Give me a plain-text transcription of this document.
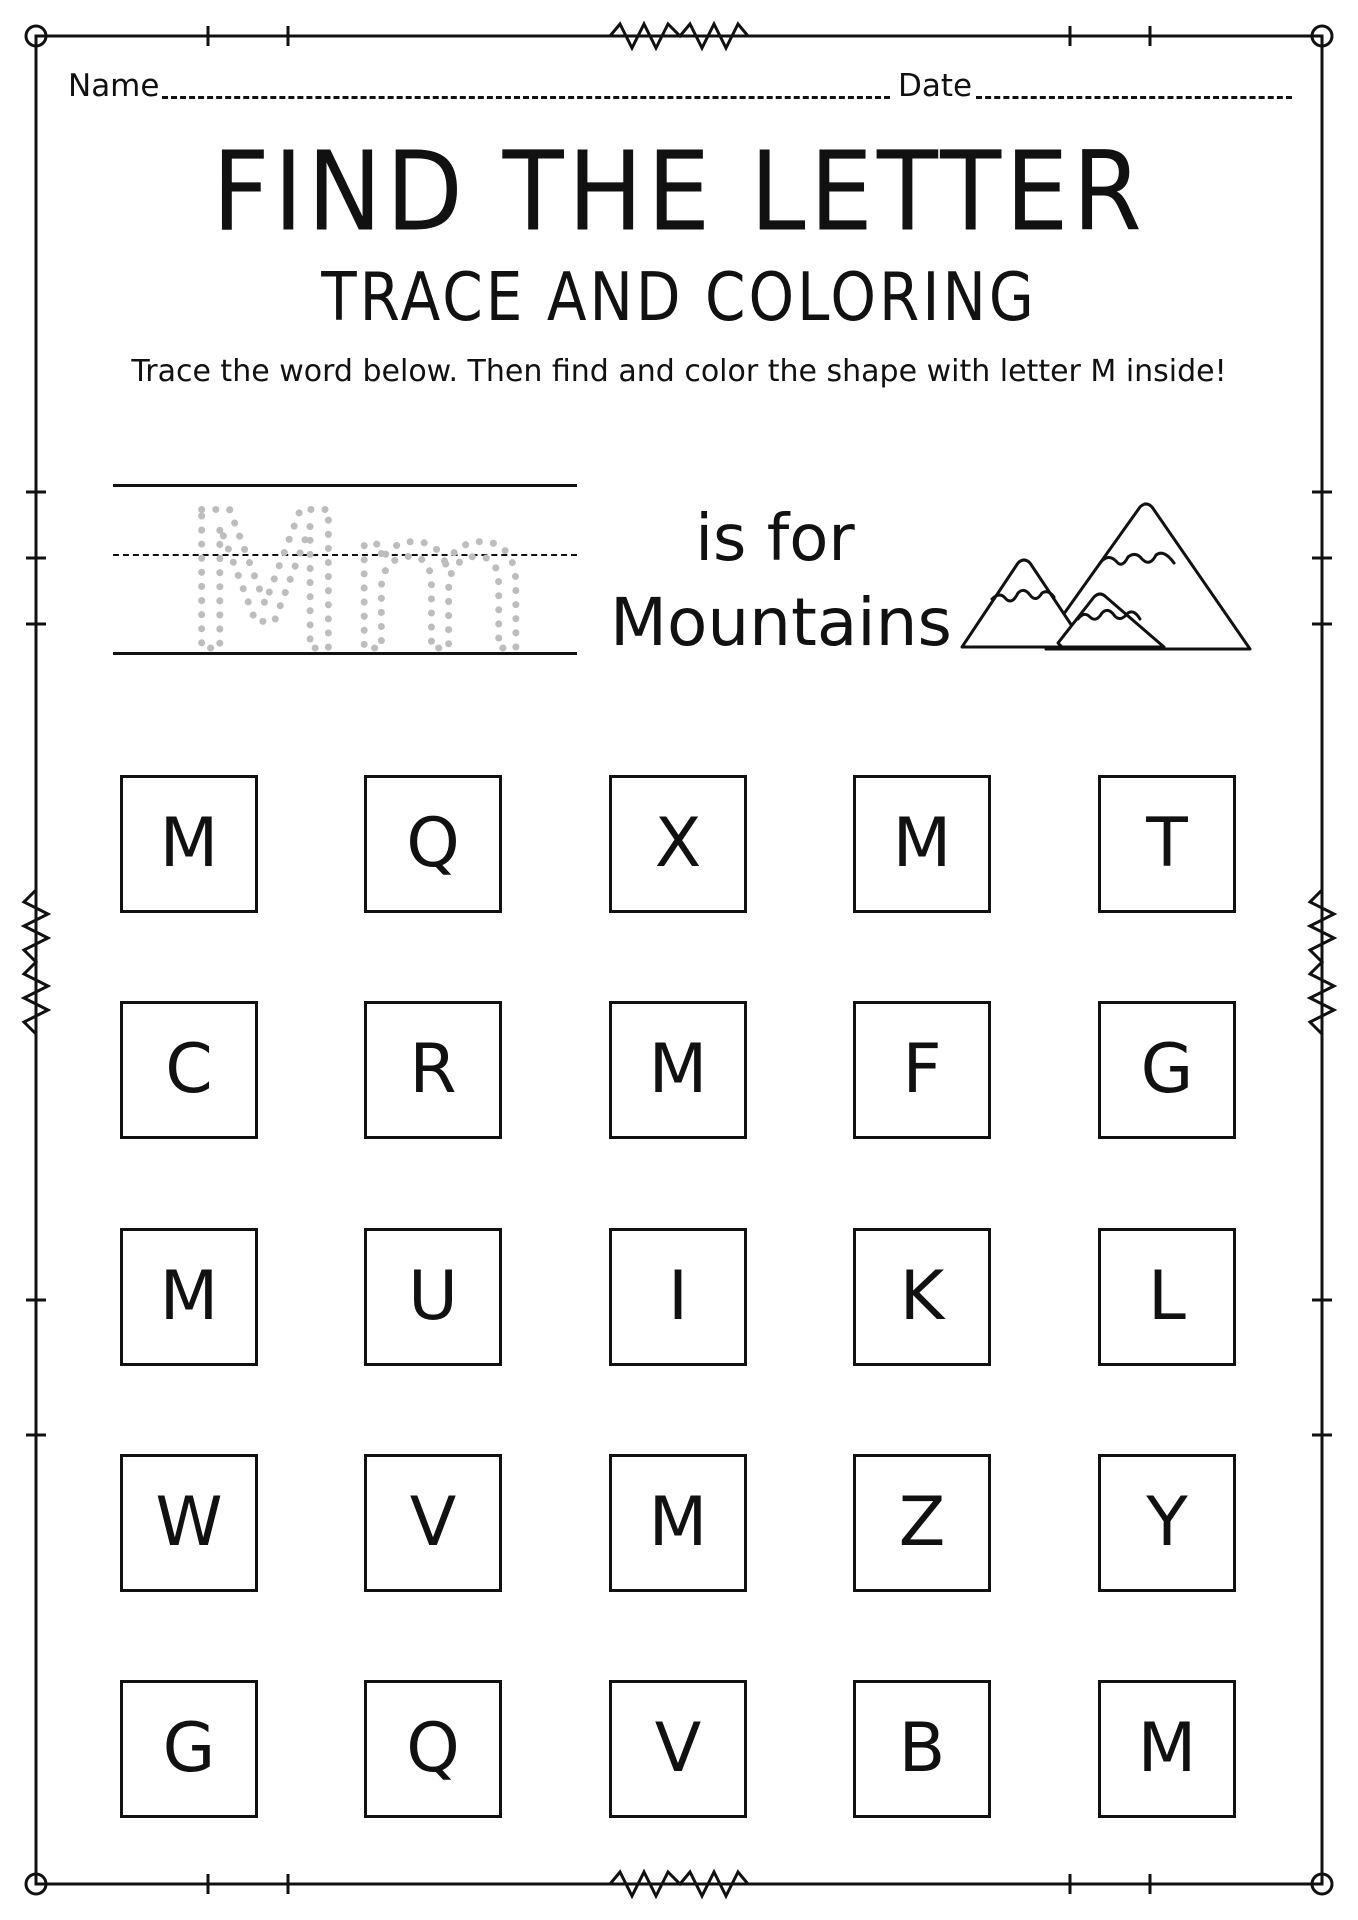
Name	Date
FIND THE LETTER
TRACE AND COLORING
Trace the word below. Then find and color the shape with letter M inside!
Mm	is for
Mountains
M	Q	X	M	T
C	R	M	F	G
M	U	I	K	L
W	V	M	Z	Y
G	Q	V	B	M
